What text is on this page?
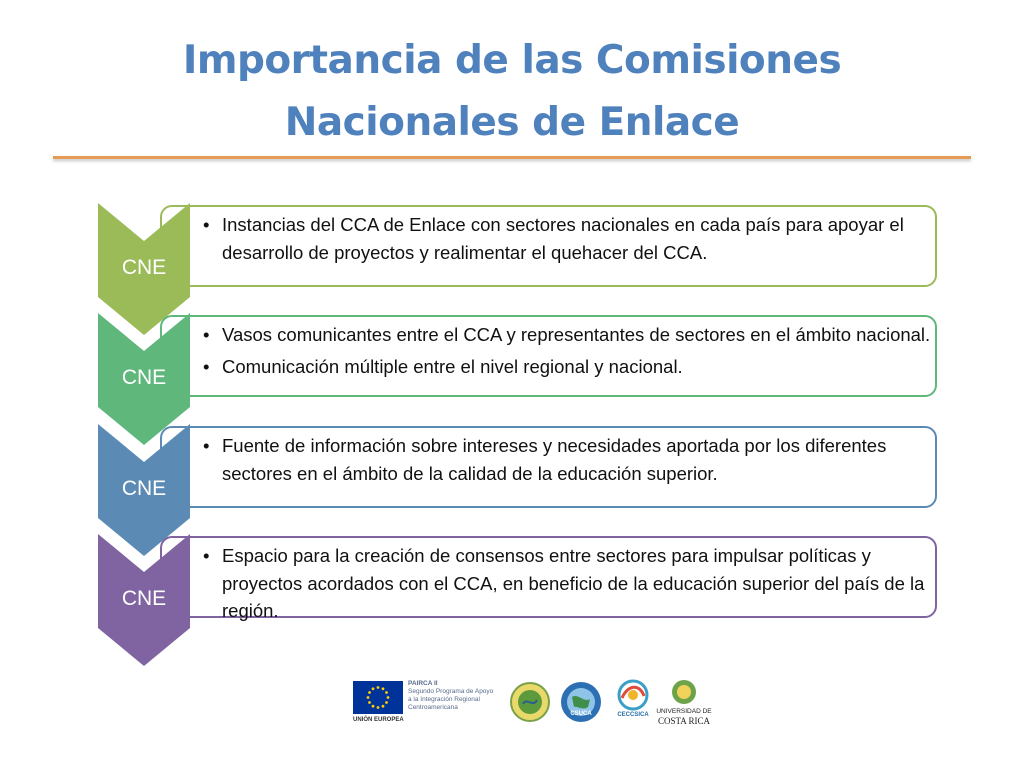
Importancia de las Comisiones
Nacionales de Enlace
• Instancias del CCA de Enlace con sectores nacionales en cada país para apoyar el desarrollo de proyectos y realimentar el quehacer del CCA.
CNE
• Vasos comunicantes entre el CCA y representantes de sectores en el ámbito nacional.
• Comunicación múltiple entre el nivel regional y nacional.
CNE
• Fuente de información sobre intereses y necesidades aportada por los diferentes sectores en el ámbito de la calidad de la educación superior.
CNE
• Espacio para la creación de consensos entre sectores para impulsar políticas y proyectos acordados con el CCA, en beneficio de la educación superior del país de la región.
CNE
UNIÓN EUROPEA
PAIRCA II
Segundo Programa de Apoyo
a la Integración Regional
Centroamericana
CSUCA	CECCSICA	UNIVERSIDAD DE
COSTA RICA
